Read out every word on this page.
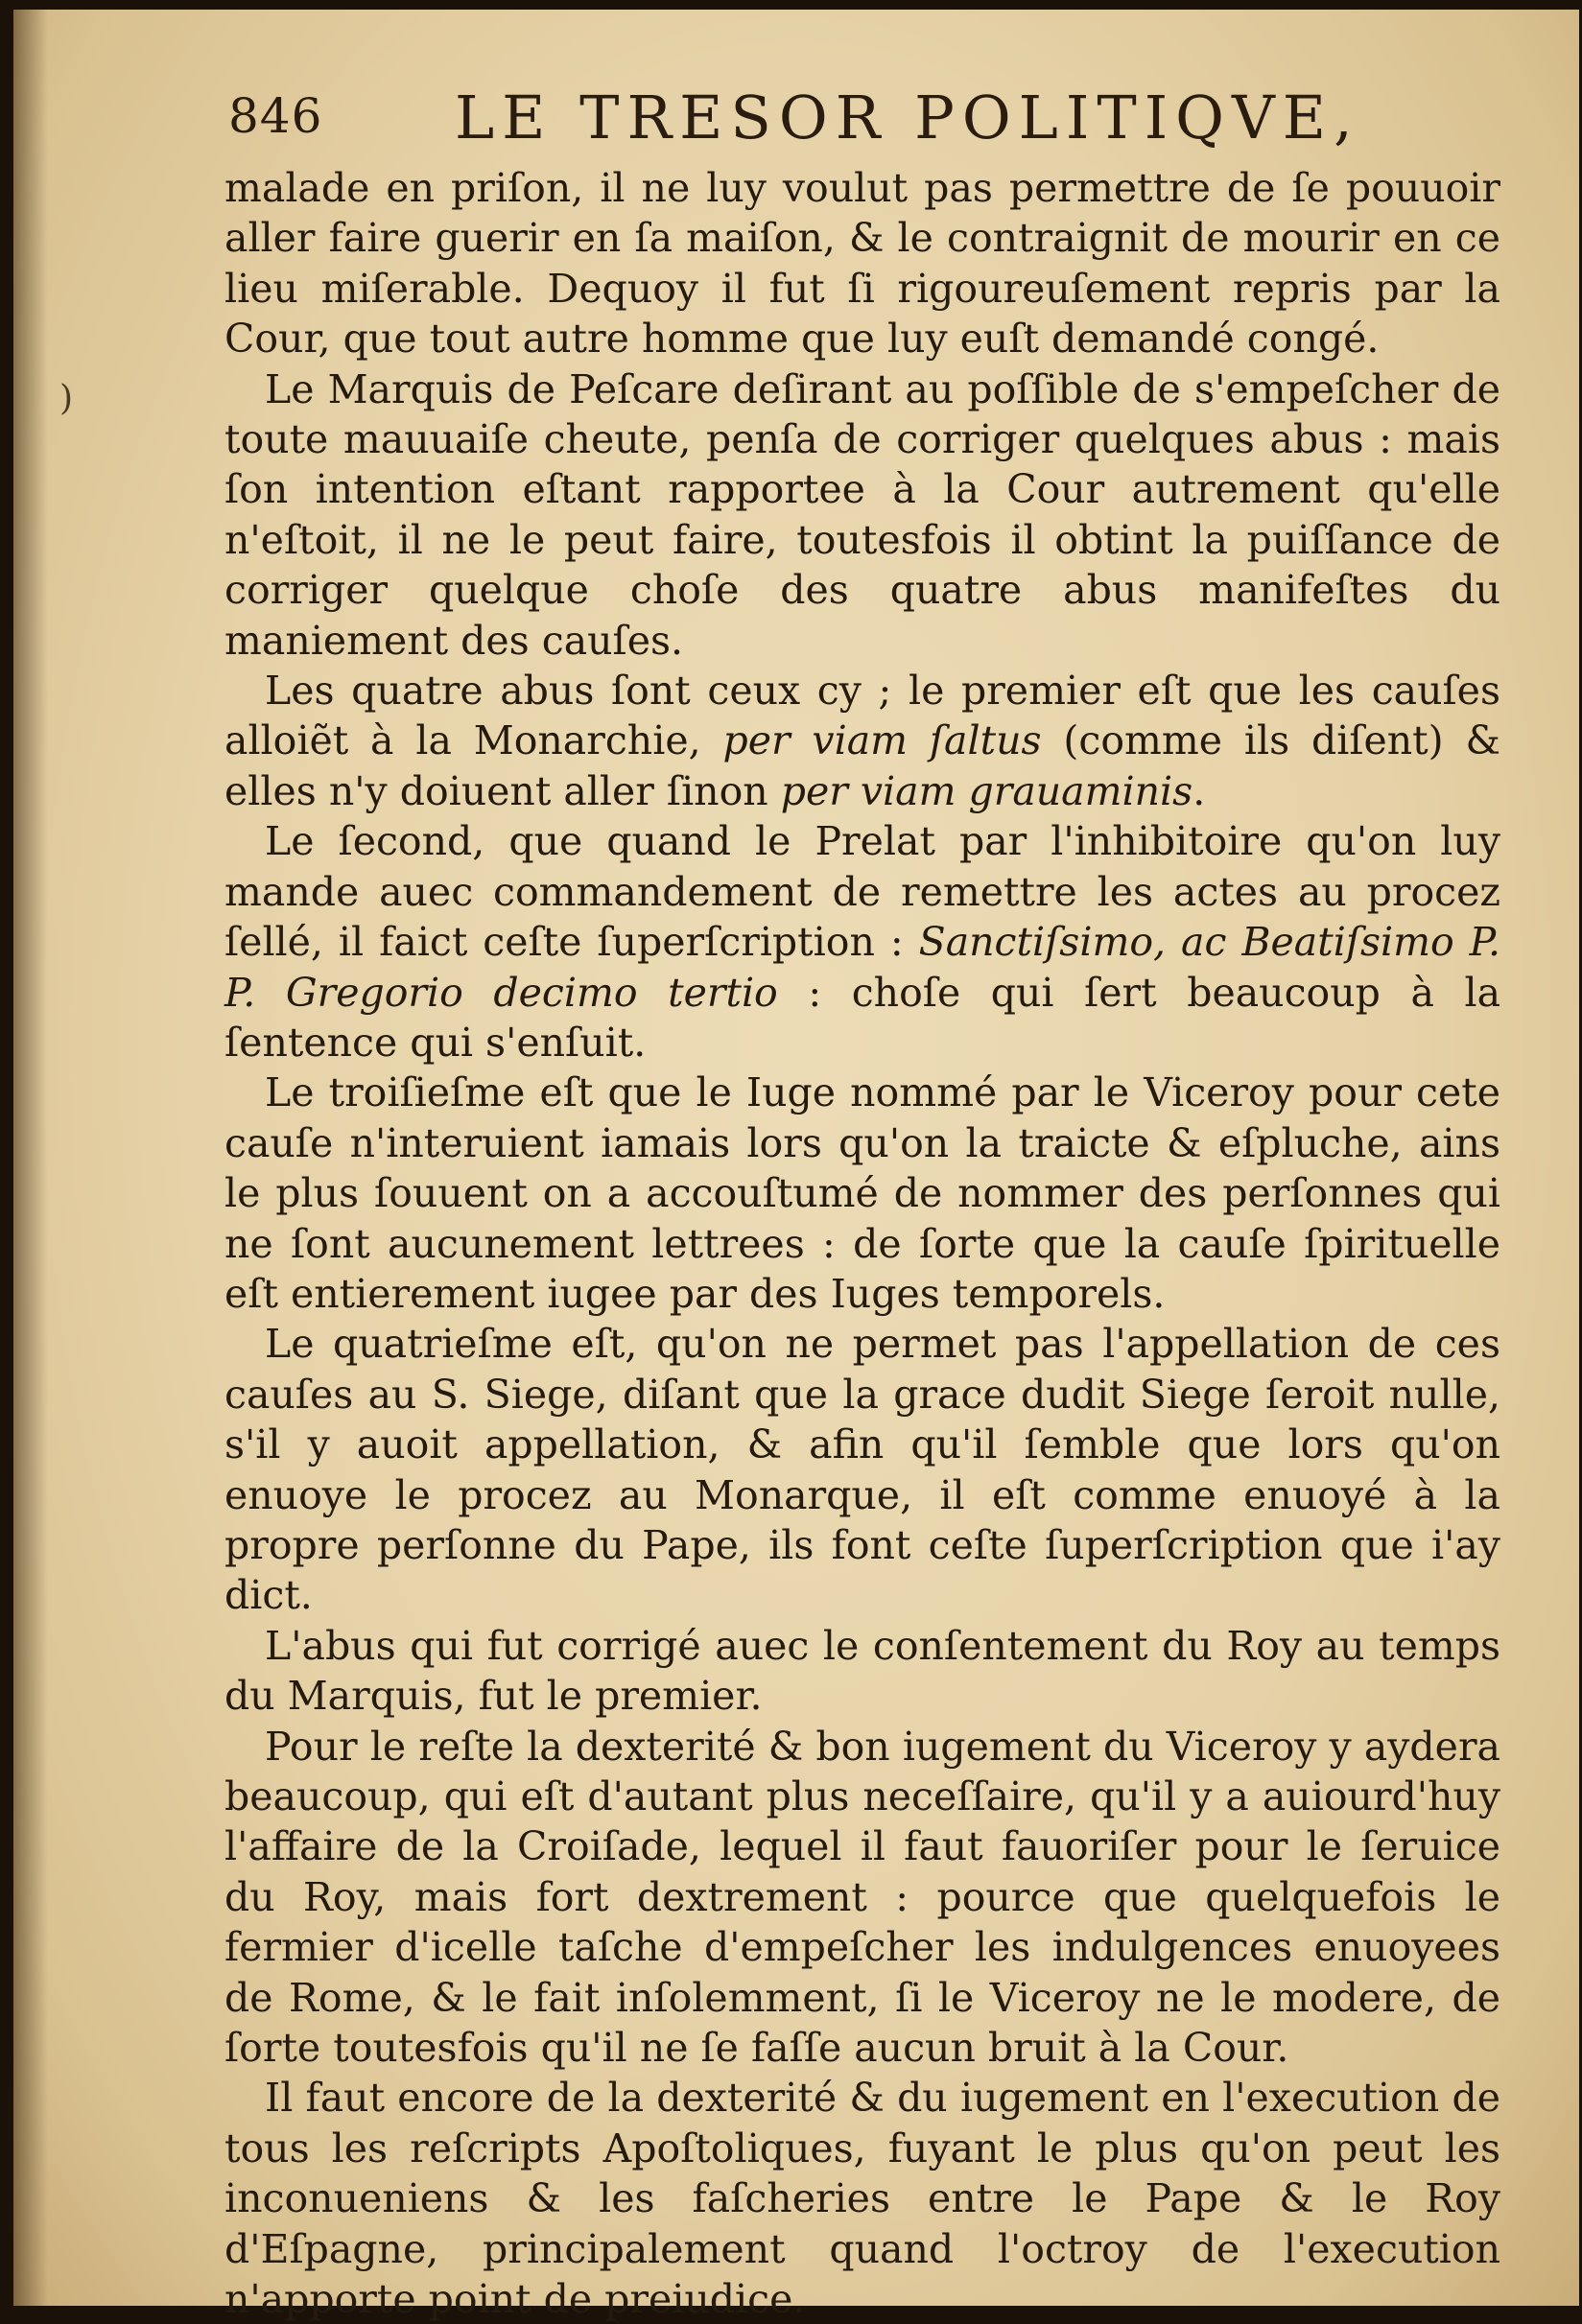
846 LE TRESOR POLITIQVE,
)

malade en priſon, il ne luy voulut pas permettre de ſe pouuoir aller faire guerir en ſa maiſon, & le contraignit de mourir en ce lieu miſerable. Dequoy il fut ſi rigoureuſement repris par la Cour, que tout autre homme que luy euſt demandé congé.

Le Marquis de Peſcare deſirant au poſſible de s'empeſcher de toute mauuaiſe cheute, penſa de corriger quelques abus : mais ſon intention eſtant rapportee à la Cour autrement qu'elle n'eſtoit, il ne le peut faire, toutesfois il obtint la puiſſance de corriger quelque choſe des quatre abus manifeſtes du maniement des cauſes.

Les quatre abus ſont ceux cy ; le premier eſt que les cauſes alloiẽt à la Monarchie, per viam ſaltus (comme ils diſent) & elles n'y doiuent aller ſinon per viam grauaminis.

Le ſecond, que quand le Prelat par l'inhibitoire qu'on luy mande auec commandement de remettre les actes au procez ſellé, il faict ceſte ſuperſcription : Sanctiſsimo, ac Beatiſsimo P. P. Gregorio decimo tertio : choſe qui ſert beaucoup à la ſentence qui s'enſuit.

Le troiſieſme eſt que le Iuge nommé par le Viceroy pour cete cauſe n'interuient iamais lors qu'on la traicte & eſpluche, ains le plus ſouuent on a accouſtumé de nommer des perſonnes qui ne ſont aucunement lettrees : de ſorte que la cauſe ſpirituelle eſt entierement iugee par des Iuges temporels.

Le quatrieſme eſt, qu'on ne permet pas l'appellation de ces cauſes au S. Siege, diſant que la grace dudit Siege ſeroit nulle, s'il y auoit appellation, & afin qu'il ſemble que lors qu'on enuoye le procez au Monarque, il eſt comme enuoyé à la propre perſonne du Pape, ils font ceſte ſuperſcription que i'ay dict.

L'abus qui fut corrigé auec le conſentement du Roy au temps du Marquis, fut le premier.

Pour le reſte la dexterité & bon iugement du Viceroy y aydera beaucoup, qui eſt d'autant plus neceſſaire, qu'il y a auiourd'huy l'affaire de la Croiſade, lequel il faut fauoriſer pour le ſeruice du Roy, mais fort dextrement : pource que quelquefois le fermier d'icelle taſche d'empeſcher les indulgences enuoyees de Rome, & le fait inſolemment, ſi le Viceroy ne le modere, de ſorte toutesfois qu'il ne ſe faſſe aucun bruit à la Cour.

Il faut encore de la dexterité & du iugement en l'execution de tous les reſcripts Apoſtoliques, fuyant le plus qu'on peut les inconueniens & les faſcheries entre le Pape & le Roy d'Eſpagne, principalement quand l'octroy de l'execution n'apporte point de preiudice.
